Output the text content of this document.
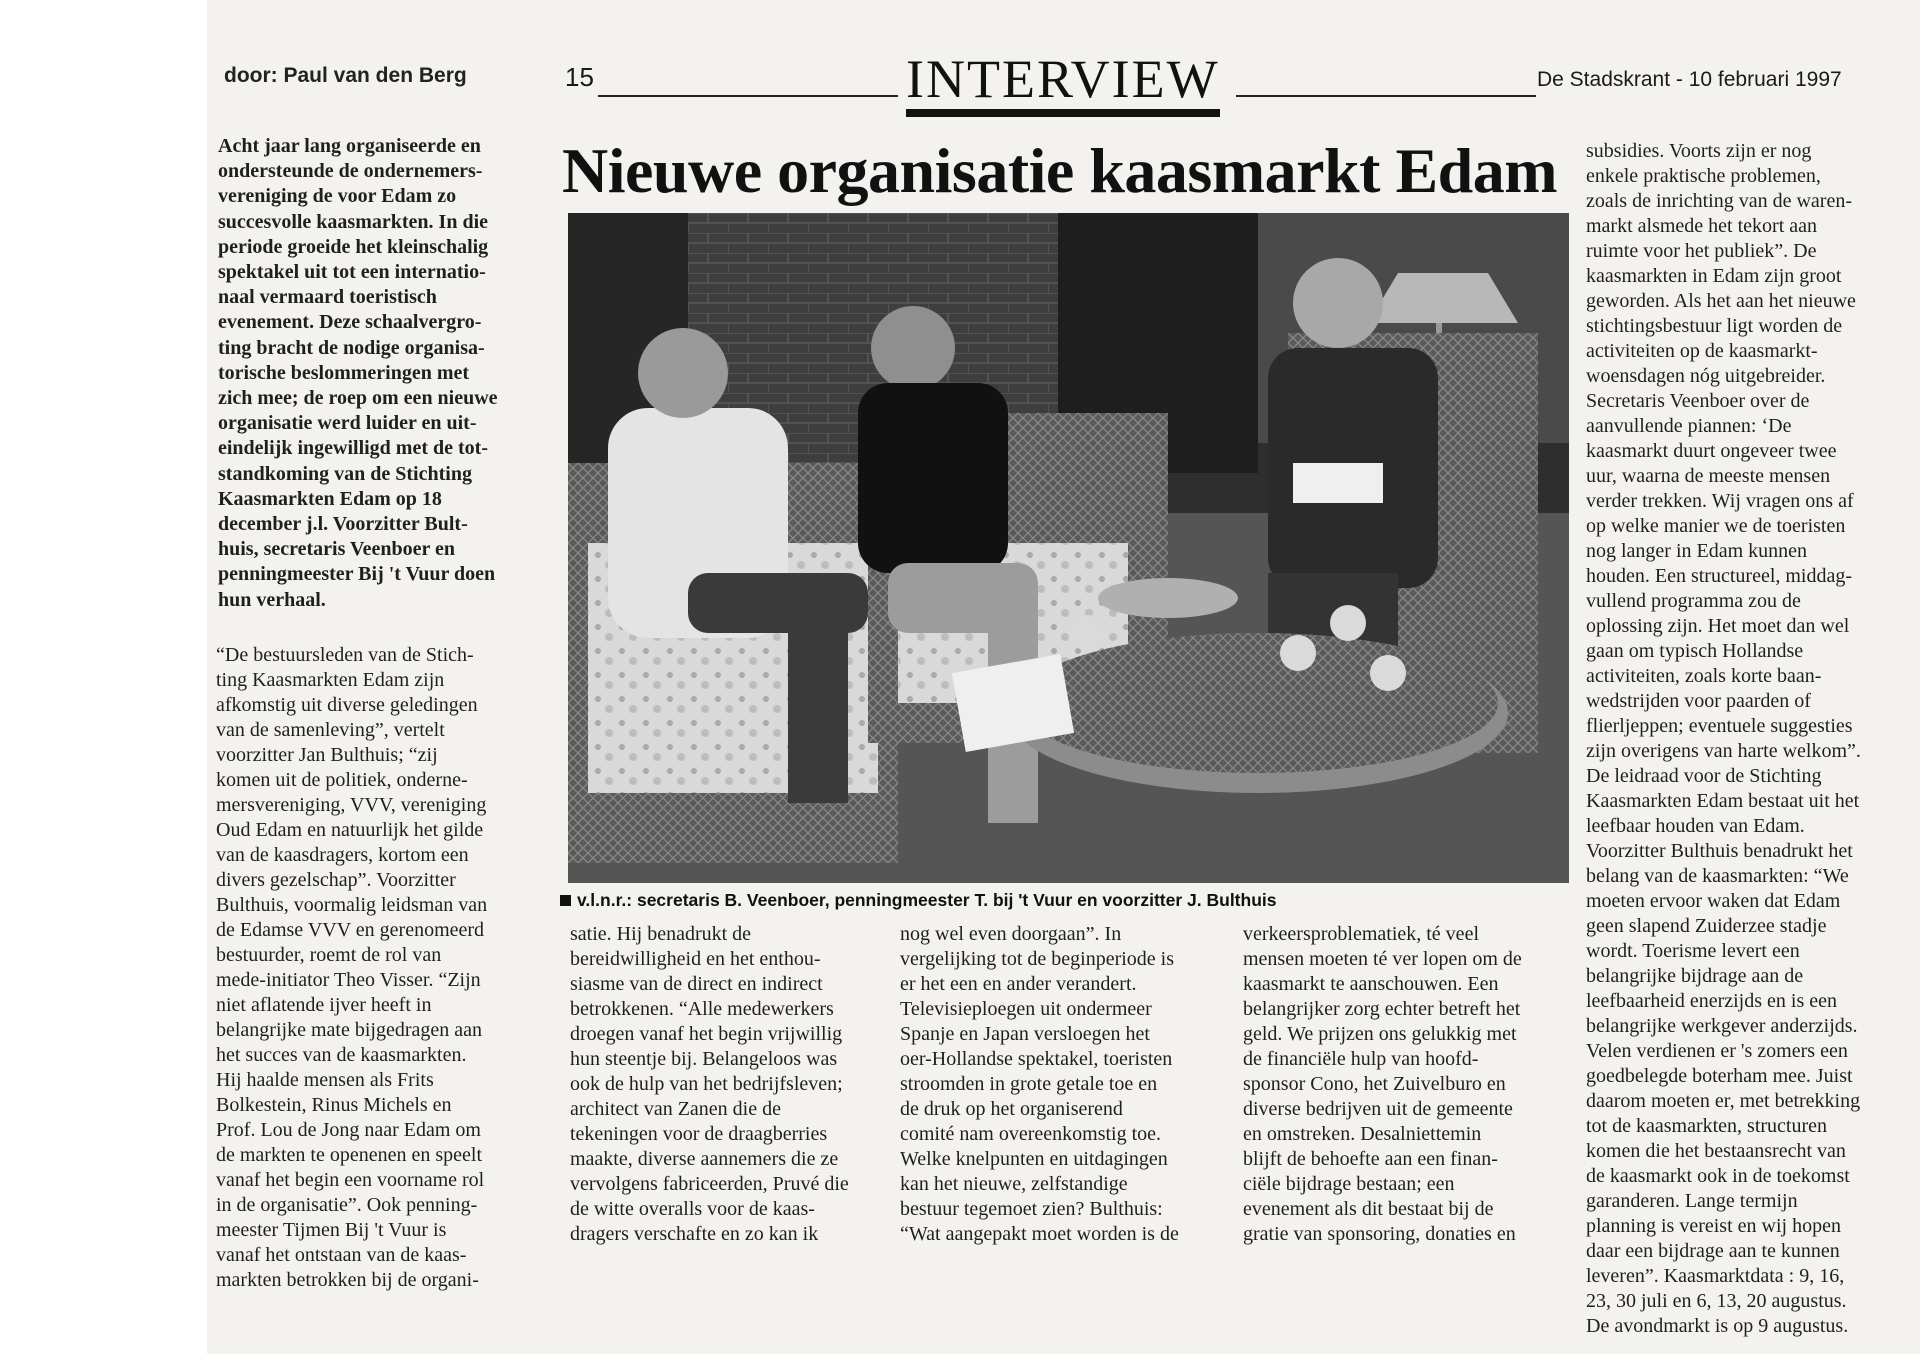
door: Paul van den Berg	15	INTERVIEW	De Stadskrant - 10 februari 1997
Nieuwe organisatie kaasmarkt Edam
Acht jaar lang organiseerde en
ondersteunde de ondernemers-
vereniging de voor Edam zo
succesvolle kaasmarkten. In die
periode groeide het kleinschalig
spektakel uit tot een internatio-
naal vermaard toeristisch
evenement. Deze schaalvergro-
ting bracht de nodige organisa-
torische beslommeringen met
zich mee; de roep om een nieuwe
organisatie werd luider en uit-
eindelijk ingewilligd met de tot-
standkoming van de Stichting
Kaasmarkten Edam op 18
december j.l. Voorzitter Bult-
huis, secretaris Veenboer en
penningmeester Bij 't Vuur doen
hun verhaal.
“De bestuursleden van de Stich-
ting Kaasmarkten Edam zijn
afkomstig uit diverse geledingen
van de samenleving”, vertelt
voorzitter Jan Bulthuis; “zij
komen uit de politiek, onderne-
mersvereniging, VVV, vereniging
Oud Edam en natuurlijk het gilde
van de kaasdragers, kortom een
divers gezelschap”. Voorzitter
Bulthuis, voormalig leidsman van
de Edamse VVV en gerenomeerd
bestuurder, roemt de rol van
mede-initiator Theo Visser. “Zijn
niet aflatende ijver heeft in
belangrijke mate bijgedragen aan
het succes van de kaasmarkten.
Hij haalde mensen als Frits
Bolkestein, Rinus Michels en
Prof. Lou de Jong naar Edam om
de markten te openenen en speelt
vanaf het begin een voorname rol
in de organisatie”. Ook penning-
meester Tijmen Bij 't Vuur is
vanaf het ontstaan van de kaas-
markten betrokken bij de organi-
v.l.n.r.: secretaris B. Veenboer, penningmeester T. bij 't Vuur en voorzitter J. Bulthuis
satie. Hij benadrukt de
bereidwilligheid en het enthou-
siasme van de direct en indirect
betrokkenen. “Alle medewerkers
droegen vanaf het begin vrijwillig
hun steentje bij. Belangeloos was
ook de hulp van het bedrijfsleven;
architect van Zanen die de
tekeningen voor de draagberries
maakte, diverse aannemers die ze
vervolgens fabriceerden, Pruvé die
de witte overalls voor de kaas-
dragers verschafte en zo kan ik
nog wel even doorgaan”. In
vergelijking tot de beginperiode is
er het een en ander verandert.
Televisieploegen uit ondermeer
Spanje en Japan versloegen het
oer-Hollandse spektakel, toeristen
stroomden in grote getale toe en
de druk op het organiserend
comité nam overeenkomstig toe.
Welke knelpunten en uitdagingen
kan het nieuwe, zelfstandige
bestuur tegemoet zien? Bulthuis:
“Wat aangepakt moet worden is de
verkeersproblematiek, té veel
mensen moeten té ver lopen om de
kaasmarkt te aanschouwen. Een
belangrijker zorg echter betreft het
geld. We prijzen ons gelukkig met
de financiële hulp van hoofd-
sponsor Cono, het Zuivelburo en
diverse bedrijven uit de gemeente
en omstreken. Desalniettemin
blijft de behoefte aan een finan-
ciële bijdrage bestaan; een
evenement als dit bestaat bij de
gratie van sponsoring, donaties en
subsidies. Voorts zijn er nog
enkele praktische problemen,
zoals de inrichting van de waren-
markt alsmede het tekort aan
ruimte voor het publiek”. De
kaasmarkten in Edam zijn groot
geworden. Als het aan het nieuwe
stichtingsbestuur ligt worden de
activiteiten op de kaasmarkt-
woensdagen nóg uitgebreider.
Secretaris Veenboer over de
aanvullende piannen: ‘De
kaasmarkt duurt ongeveer twee
uur, waarna de meeste mensen
verder trekken. Wij vragen ons af
op welke manier we de toeristen
nog langer in Edam kunnen
houden. Een structureel, middag-
vullend programma zou de
oplossing zijn. Het moet dan wel
gaan om typisch Hollandse
activiteiten, zoals korte baan-
wedstrijden voor paarden of
flierljeppen; eventuele suggesties
zijn overigens van harte welkom”.
De leidraad voor de Stichting
Kaasmarkten Edam bestaat uit het
leefbaar houden van Edam.
Voorzitter Bulthuis benadrukt het
belang van de kaasmarkten: “We
moeten ervoor waken dat Edam
geen slapend Zuiderzee stadje
wordt. Toerisme levert een
belangrijke bijdrage aan de
leefbaarheid enerzijds en is een
belangrijke werkgever anderzijds.
Velen verdienen er 's zomers een
goedbelegde boterham mee. Juist
daarom moeten er, met betrekking
tot de kaasmarkten, structuren
komen die het bestaansrecht van
de kaasmarkt ook in de toekomst
garanderen. Lange termijn
planning is vereist en wij hopen
daar een bijdrage aan te kunnen
leveren”. Kaasmarktdata : 9, 16,
23, 30 juli en 6, 13, 20 augustus.
De avondmarkt is op 9 augustus.
